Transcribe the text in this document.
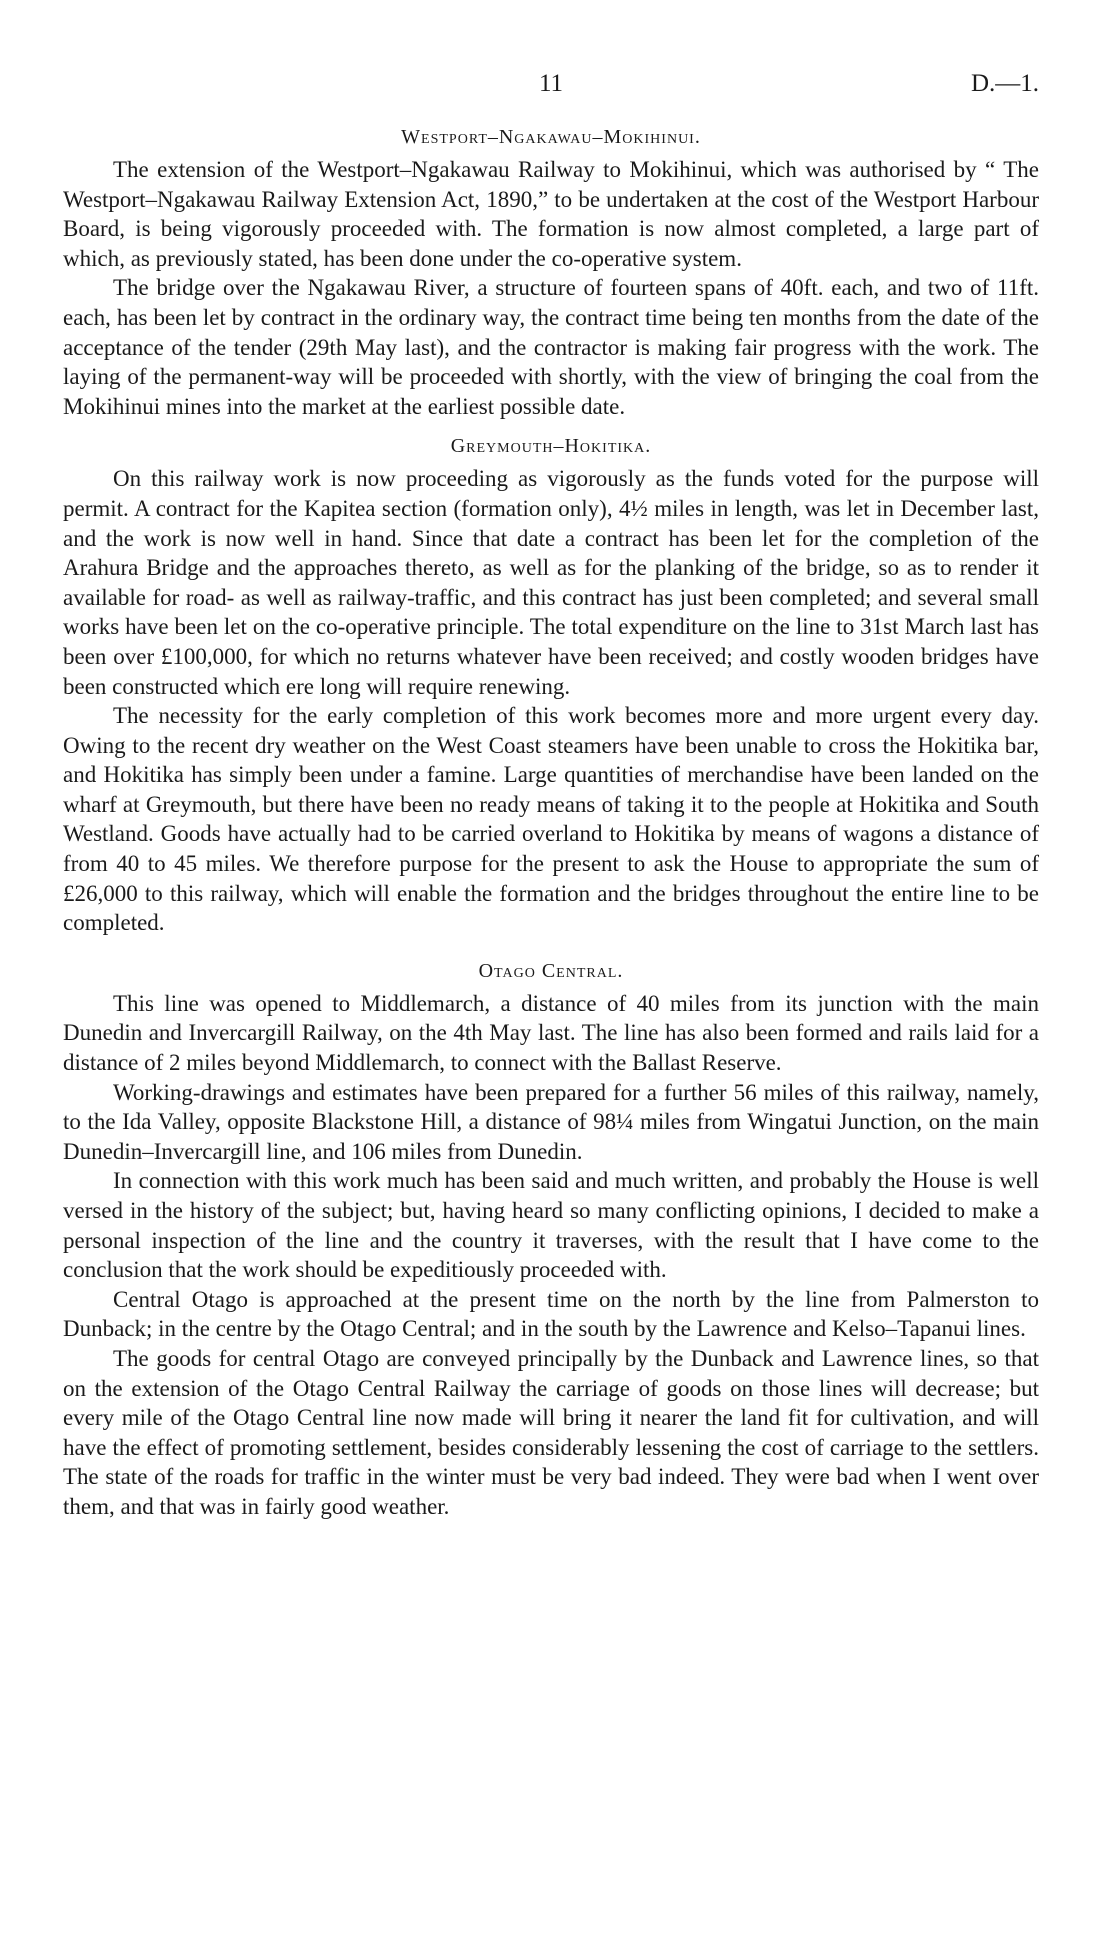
11	D.—1.
Westport–Ngakawau–Mokihinui.

The extension of the Westport–Ngakawau Railway to Mokihinui, which was authorised by “ The Westport–Ngakawau Railway Extension Act, 1890,” to be undertaken at the cost of the Westport Harbour Board, is being vigorously proceeded with. The formation is now almost completed, a large part of which, as previously stated, has been done under the co-operative system.

The bridge over the Ngakawau River, a structure of fourteen spans of 40ft. each, and two of 11ft. each, has been let by contract in the ordinary way, the contract time being ten months from the date of the acceptance of the tender (29th May last), and the contractor is making fair progress with the work. The laying of the permanent-way will be proceeded with shortly, with the view of bringing the coal from the Mokihinui mines into the market at the earliest possible date.

Greymouth–Hokitika.

On this railway work is now proceeding as vigorously as the funds voted for the purpose will permit. A contract for the Kapitea section (formation only), 4½ miles in length, was let in December last, and the work is now well in hand. Since that date a contract has been let for the completion of the Arahura Bridge and the approaches thereto, as well as for the planking of the bridge, so as to render it available for road- as well as railway-traffic, and this contract has just been completed; and several small works have been let on the co-operative principle. The total expenditure on the line to 31st March last has been over £100,000, for which no returns whatever have been received; and costly wooden bridges have been constructed which ere long will require renewing.

The necessity for the early completion of this work becomes more and more urgent every day. Owing to the recent dry weather on the West Coast steamers have been unable to cross the Hokitika bar, and Hokitika has simply been under a famine. Large quantities of merchandise have been landed on the wharf at Greymouth, but there have been no ready means of taking it to the people at Hokitika and South Westland. Goods have actually had to be carried overland to Hokitika by means of wagons a distance of from 40 to 45 miles. We therefore purpose for the present to ask the House to appropriate the sum of £26,000 to this railway, which will enable the formation and the bridges throughout the entire line to be completed.

Otago Central.

This line was opened to Middlemarch, a distance of 40 miles from its junction with the main Dunedin and Invercargill Railway, on the 4th May last. The line has also been formed and rails laid for a distance of 2 miles beyond Middlemarch, to connect with the Ballast Reserve.

Working-drawings and estimates have been prepared for a further 56 miles of this railway, namely, to the Ida Valley, opposite Blackstone Hill, a distance of 98¼ miles from Wingatui Junction, on the main Dunedin–Invercargill line, and 106 miles from Dunedin.

In connection with this work much has been said and much written, and probably the House is well versed in the history of the subject; but, having heard so many conflicting opinions, I decided to make a personal inspection of the line and the country it traverses, with the result that I have come to the conclusion that the work should be expeditiously proceeded with.

Central Otago is approached at the present time on the north by the line from Palmerston to Dunback; in the centre by the Otago Central; and in the south by the Lawrence and Kelso–Tapanui lines.

The goods for central Otago are conveyed principally by the Dunback and Lawrence lines, so that on the extension of the Otago Central Railway the carriage of goods on those lines will decrease; but every mile of the Otago Central line now made will bring it nearer the land fit for cultivation, and will have the effect of promoting settlement, besides considerably lessening the cost of carriage to the settlers. The state of the roads for traffic in the winter must be very bad indeed. They were bad when I went over them, and that was in fairly good weather.
